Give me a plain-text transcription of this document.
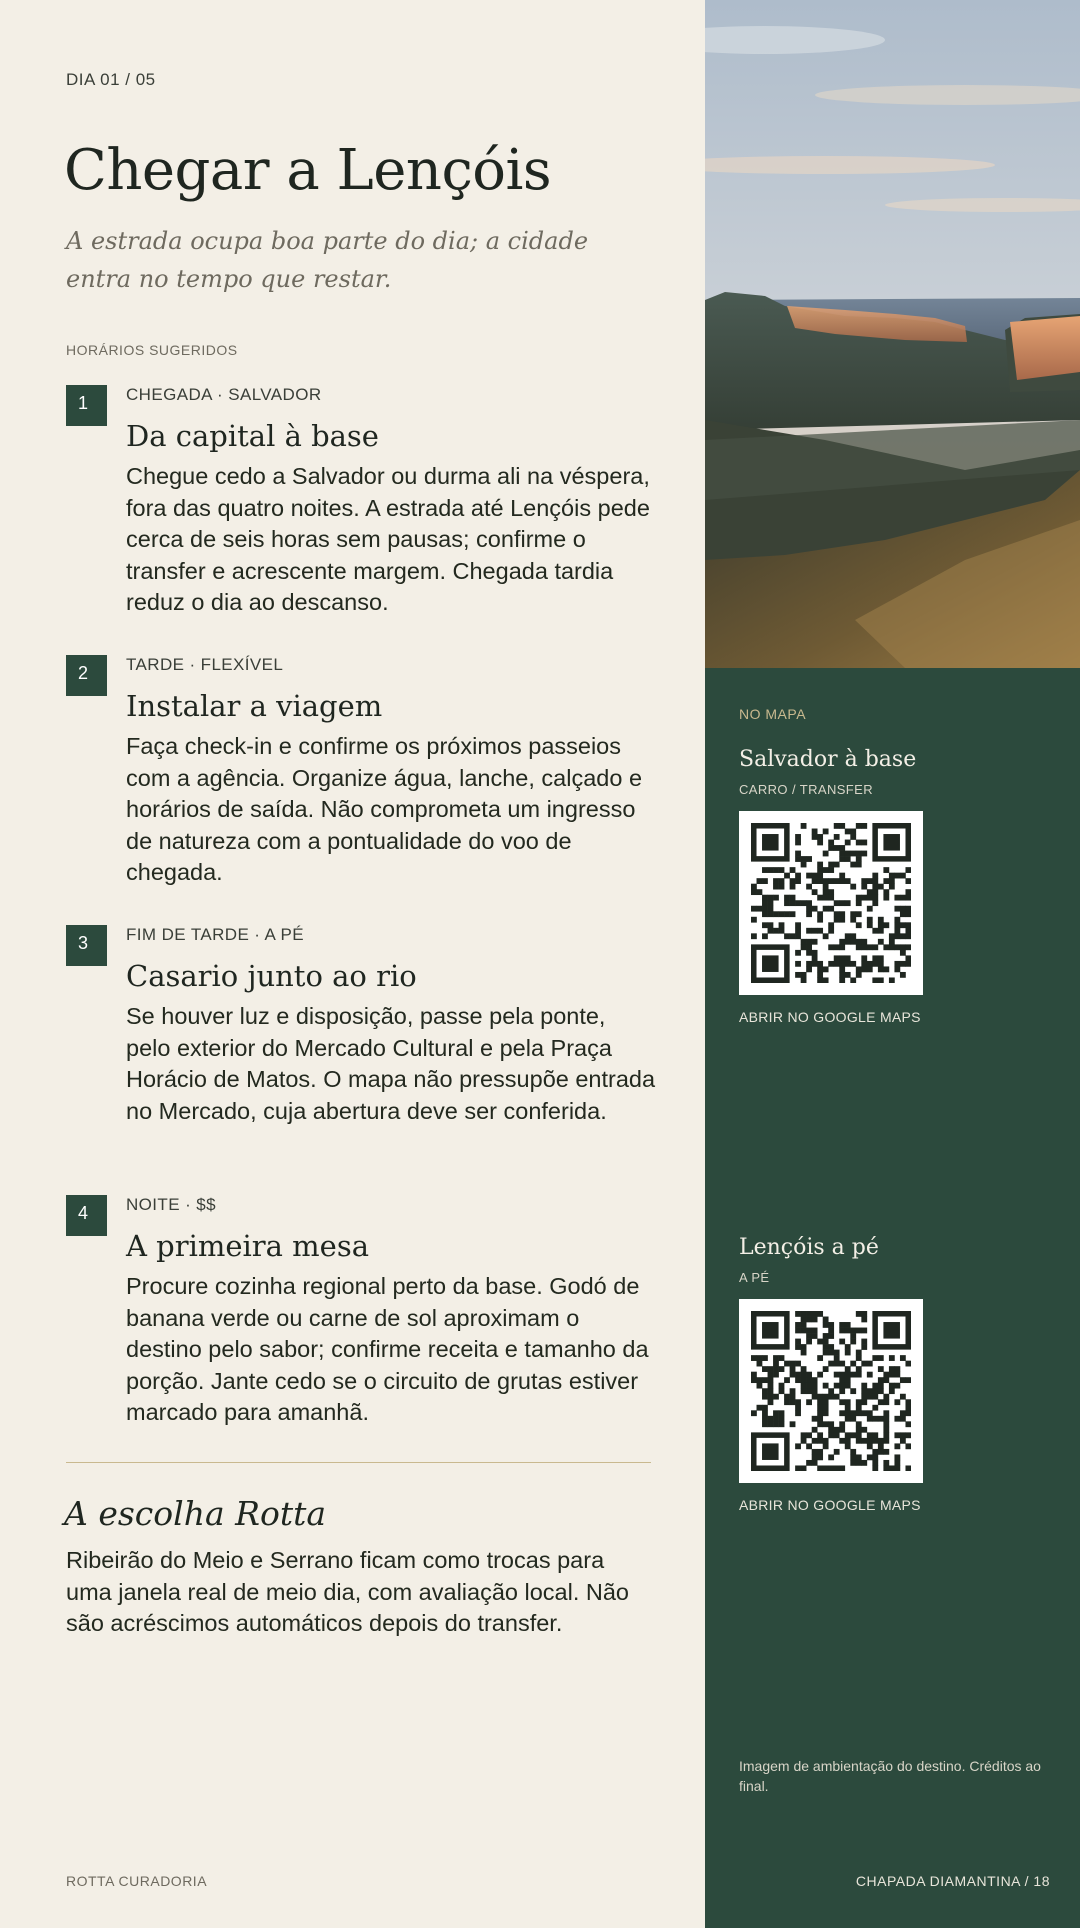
DIA 01 / 05
Chegar a Lençóis

A estrada ocupa boa parte do dia; a cidade entra no tempo que restar.

HORÁRIOS SUGERIDOS
1	CHEGADA · SALVADOR
Da capital à base

Chegue cedo a Salvador ou durma ali na véspera, fora das quatro noites. A estrada até Lençóis pede cerca de seis horas sem pausas; confirme o transfer e acrescente margem. Chegada tardia reduz o dia ao descanso.

2	TARDE · FLEXÍVEL
Instalar a viagem

Faça check-in e confirme os próximos passeios com a agência. Organize água, lanche, calçado e horários de saída. Não comprometa um ingresso de natureza com a pontualidade do voo de chegada.

3	FIM DE TARDE · A PÉ
Casario junto ao rio

Se houver luz e disposição, passe pela ponte, pelo exterior do Mercado Cultural e pela Praça Horácio de Matos. O mapa não pressupõe entrada no Mercado, cuja abertura deve ser conferida.

4	NOITE · $$
A primeira mesa

Procure cozinha regional perto da base. Godó de banana verde ou carne de sol aproximam o destino pelo sabor; confirme receita e tamanho da porção. Jante cedo se o circuito de grutas estiver marcado para amanhã.

A escolha Rotta

Ribeirão do Meio e Serrano ficam como trocas para uma janela real de meio dia, com avaliação local. Não são acréscimos automáticos depois do transfer.

ROTTA CURADORIA
NO MAPA
Salvador à base
CARRO / TRANSFER
ABRIR NO GOOGLE MAPS
Lençóis a pé
A PÉ
ABRIR NO GOOGLE MAPS
Imagem de ambientação do destino. Créditos ao final.
CHAPADA DIAMANTINA / 18
